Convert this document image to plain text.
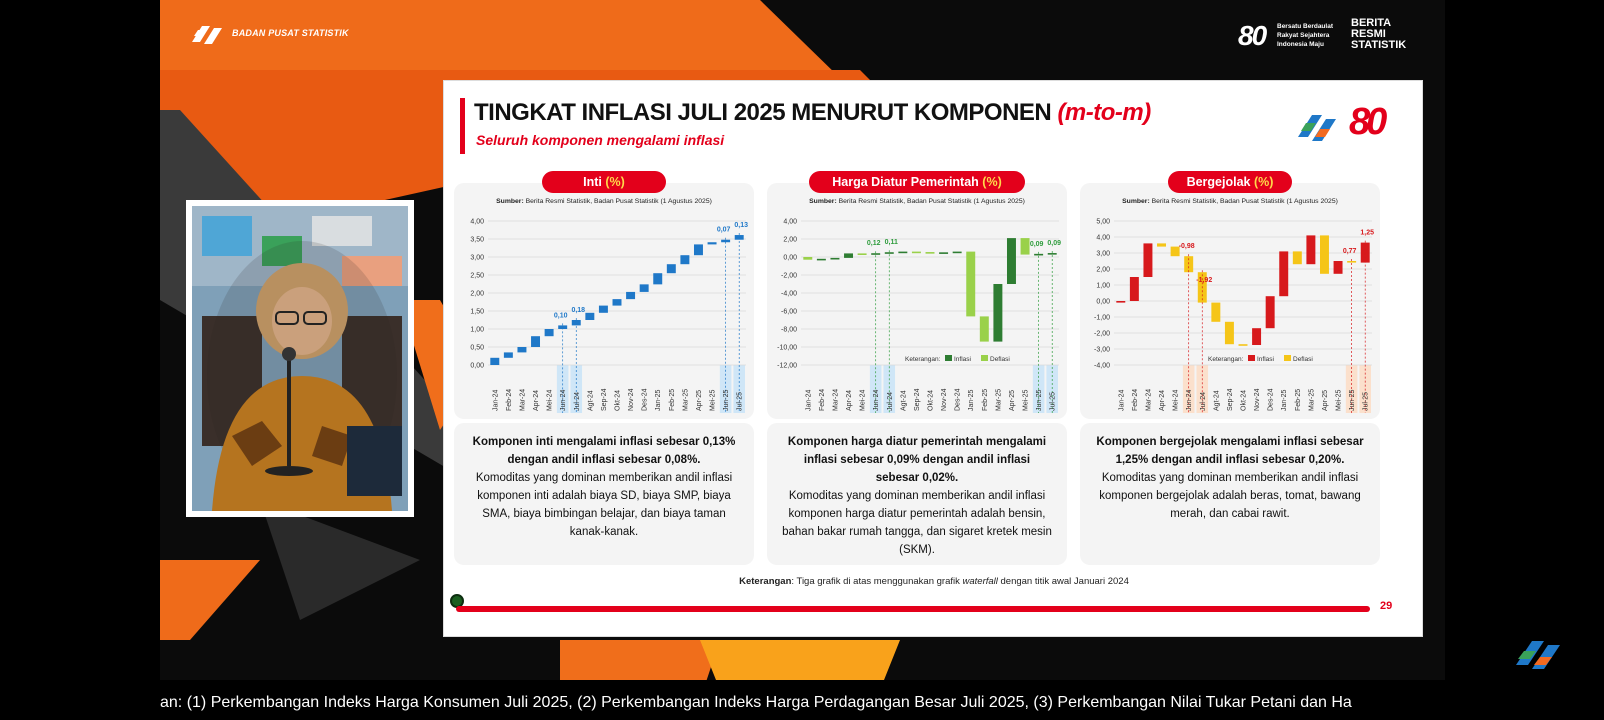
BADAN PUSAT STATISTIK	80	Bersatu Berdaulat
Rakyat Sejahtera
Indonesia Maju
BERITA
RESMI
STATISTIK
TINGKAT INFLASI JULI 2025 MENURUT KOMPONEN (m-to-m)
Seluruh komponen mengalami inflasi	80
Inti (%)
Sumber: Berita Resmi Statistik, Badan Pusat Statistik (1 Agustus 2025)
4,00
3,50
3,00
2,50
2,00
1,50
1,00
0,50
0,00
0,10
0,18
0,07
0,13
Jan-24 Feb-24 Mar-24 Apr-24 Mei-24 Jun-24 Jul-24 Agt-24 Sep-24 Okt-24 Nov-24 Des-24 Jan-25 Feb-25 Mar-25 Apr-25 Mei-25 Jun-25 Jul-25
Komponen inti mengalami inflasi sebesar 0,13% dengan andil inflasi sebesar 0,08%.
Komoditas yang dominan memberikan andil inflasi komponen inti adalah biaya SD, biaya SMP, biaya SMA, biaya bimbingan belajar, dan biaya taman kanak-kanak.
Harga Diatur Pemerintah (%)
Sumber: Berita Resmi Statistik, Badan Pusat Statistik (1 Agustus 2025)
4,00
2,00
0,00
-2,00
-4,00
-6,00
-8,00
-10,00
-12,00
0,12 0,11	0,09 0,09
Jan-24 Feb-24 Mar-24 Apr-24 Mei-24 Jun-24 Jul-24 Agt-24 Sep-24 Okt-24 Nov-24 Des-24 Jan-25 Feb-25 Mar-25 Apr-25 Mei-25 Jun-25 Jul-25
Keterangan: Inflasi	Deflasi
Komponen harga diatur pemerintah mengalami inflasi sebesar 0,09% dengan andil inflasi sebesar 0,02%.
Komoditas yang dominan memberikan andil inflasi komponen harga diatur pemerintah adalah bensin, bahan bakar rumah tangga, dan sigaret kretek mesin (SKM).
Bergejolak (%)
Sumber: Berita Resmi Statistik, Badan Pusat Statistik (1 Agustus 2025)
5,00
4,00
3,00
2,00
1,00
0,00
-1,00
-2,00
-3,00
-4,00
-0,98
-1,92
0,77
1,25
Jan-24 Feb-24 Mar-24 Apr-24 Mei-24 Jun-24 Jul-24 Agt-24 Sep-24 Okt-24 Nov-24 Des-24 Jan-25 Feb-25 Mar-25 Apr-25 Mei-25 Jun-25 Jul-25
Keterangan: Inflasi	Deflasi
Komponen bergejolak mengalami inflasi sebesar 1,25% dengan andil inflasi sebesar 0,20%.
Komoditas yang dominan memberikan andil inflasi komponen bergejolak adalah beras, tomat, bawang merah, dan cabai rawit.
Keterangan: Tiga grafik di atas menggunakan grafik waterfall dengan titik awal Januari 2024
29
an: (1) Perkembangan Indeks Harga Konsumen Juli 2025, (2) Perkembangan Indeks Harga Perdagangan Besar Juli 2025, (3) Perkembangan Nilai Tukar Petani dan Ha
